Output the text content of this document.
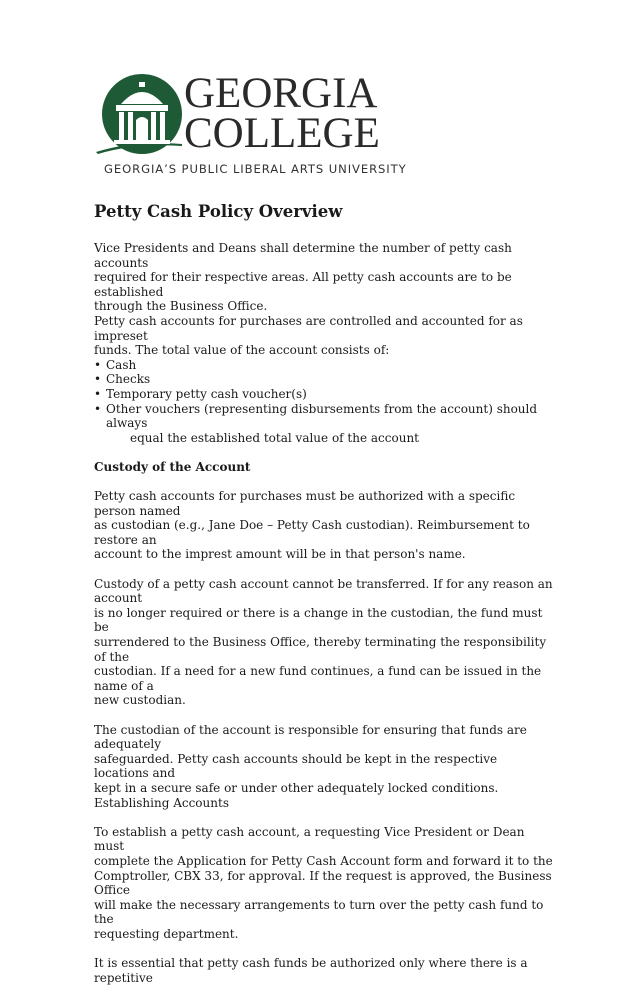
GEORGIA
COLLEGE
GEORGIA’S PUBLIC LIBERAL ARTS UNIVERSITY
Petty Cash Policy Overview

Vice Presidents and Deans shall determine the number of petty cash accounts

required for their respective areas. All petty cash accounts are to be established

through the Business Office.

Petty cash accounts for purchases are controlled and accounted for as impreset

funds. The total value of the account consists of:

• Cash
• Checks
• Temporary petty cash voucher(s)
• Other vouchers (representing disbursements from the account) should always

equal the established total value of the account

Custody of the Account

Petty cash accounts for purchases must be authorized with a specific person named

as custodian (e.g., Jane Doe – Petty Cash custodian). Reimbursement to restore an

account to the imprest amount will be in that person's name.

Custody of a petty cash account cannot be transferred. If for any reason an account

is no longer required or there is a change in the custodian, the fund must be

surrendered to the Business Office, thereby terminating the responsibility of the

custodian. If a need for a new fund continues, a fund can be issued in the name of a

new custodian.

The custodian of the account is responsible for ensuring that funds are adequately

safeguarded. Petty cash accounts should be kept in the respective locations and

kept in a secure safe or under other adequately locked conditions.

Establishing Accounts

To establish a petty cash account, a requesting Vice President or Dean must

complete the Application for Petty Cash Account form and forward it to the

Comptroller, CBX 33, for approval. If the request is approved, the Business Office

will make the necessary arrangements to turn over the petty cash fund to the

requesting department.

It is essential that petty cash funds be authorized only where there is a repetitive
